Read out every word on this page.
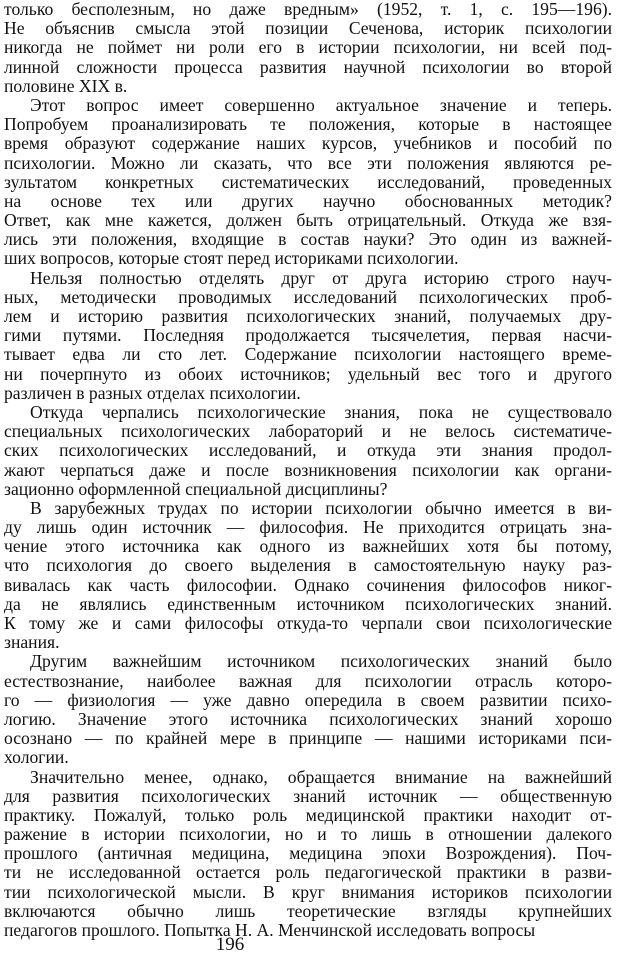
только бесполезным, но даже вредным» (1952, т. 1, с. 195—196).
Не объяснив смысла этой позиции Сеченова, историк психологии
никогда не поймет ни роли его в истории психологии, ни всей под-
линной сложности процесса развития научной психологии во второй
половине XIX в.
Этот вопрос имеет совершенно актуальное значение и теперь.
Попробуем проанализировать те положения, которые в настоящее
время образуют содержание наших курсов, учебников и пособий по
психологии. Можно ли сказать, что все эти положения являются ре-
зультатом конкретных систематических исследований, проведенных
на основе тех или других научно обоснованных методик?
Ответ, как мне кажется, должен быть отрицательный. Откуда же взя-
лись эти положения, входящие в состав науки? Это один из важней-
ших вопросов, которые стоят перед историками психологии.
Нельзя полностью отделять друг от друга историю строго науч-
ных, методически проводимых исследований психологических проб-
лем и историю развития психологических знаний, получаемых дру-
гими путями. Последняя продолжается тысячелетия, первая насчи-
тывает едва ли сто лет. Содержание психологии настоящего време-
ни почерпнуто из обоих источников; удельный вес того и другого
различен в разных отделах психологии.
Откуда черпались психологические знания, пока не существовало
специальных психологических лабораторий и не велось систематиче-
ских психологических исследований, и откуда эти знания продол-
жают черпаться даже и после возникновения психологии как органи-
зационно оформленной специальной дисциплины?
В зарубежных трудах по истории психологии обычно имеется в ви-
ду лишь один источник — философия. Не приходится отрицать зна-
чение этого источника как одного из важнейших хотя бы потому,
что психология до своего выделения в самостоятельную науку раз-
вивалась как часть философии. Однако сочинения философов никог-
да не являлись единственным источником психологических знаний.
К тому же и сами философы откуда-то черпали свои психологические
знания.
Другим важнейшим источником психологических знаний было
естествознание, наиболее важная для психологии отрасль которо-
го — физиология — уже давно опередила в своем развитии психо-
логию. Значение этого источника психологических знаний хорошо
осознано — по крайней мере в принципе — нашими историками пси-
хологии.
Значительно менее, однако, обращается внимание на важнейший
для развития психологических знаний источник — общественную
практику. Пожалуй, только роль медицинской практики находит от-
ражение в истории психологии, но и то лишь в отношении далекого
прошлого (античная медицина, медицина эпохи Возрождения). Поч-
ти не исследованной остается роль педагогической практики в разви-
тии психологической мысли. В круг внимания историков психологии
включаются обычно лишь теоретические взгляды крупнейших
педагогов прошлого. Попытка Н. А. Менчинской исследовать вопросы
196
